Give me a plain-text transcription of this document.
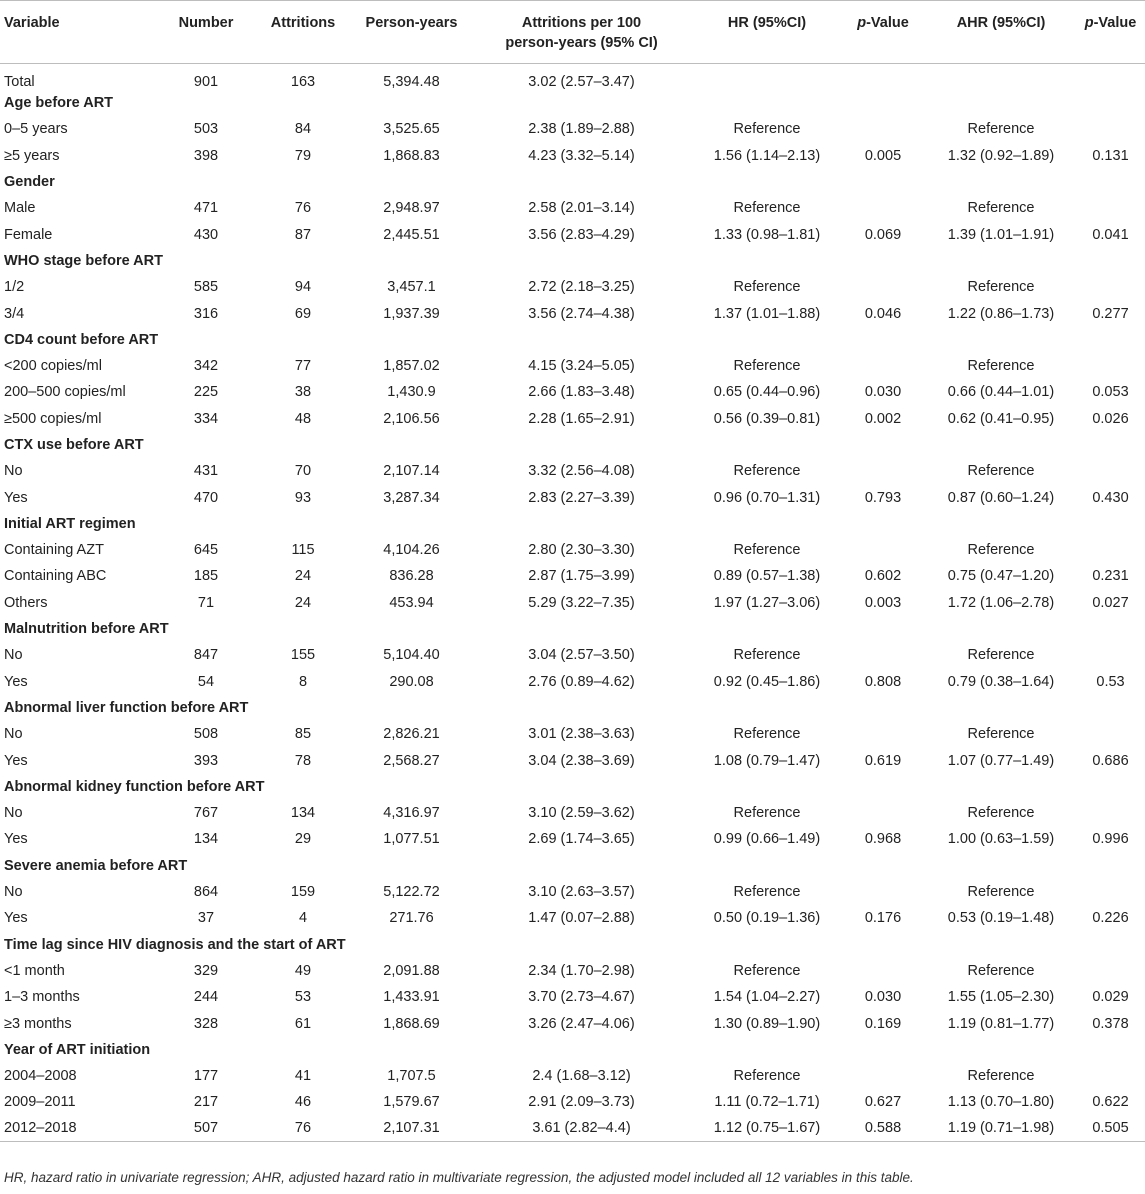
Variable	Number	Attritions	Person-years	Attritions per 100 person-years (95% CI)	HR (95%CI)	p-Value	AHR (95%CI)	p-Value
Total	901	163	5,394.48	3.02 (2.57–3.47)				
Age before ART								
0–5 years	503	84	3,525.65	2.38 (1.89–2.88)	Reference		Reference	
≥5 years	398	79	1,868.83	4.23 (3.32–5.14)	1.56 (1.14–2.13)	0.005	1.32 (0.92–1.89)	0.131
Gender								
Male	471	76	2,948.97	2.58 (2.01–3.14)	Reference		Reference	
Female	430	87	2,445.51	3.56 (2.83–4.29)	1.33 (0.98–1.81)	0.069	1.39 (1.01–1.91)	0.041
WHO stage before ART								
1/2	585	94	3,457.1	2.72 (2.18–3.25)	Reference		Reference	
3/4	316	69	1,937.39	3.56 (2.74–4.38)	1.37 (1.01–1.88)	0.046	1.22 (0.86–1.73)	0.277
CD4 count before ART								
<200 copies/ml	342	77	1,857.02	4.15 (3.24–5.05)	Reference		Reference	
200–500 copies/ml	225	38	1,430.9	2.66 (1.83–3.48)	0.65 (0.44–0.96)	0.030	0.66 (0.44–1.01)	0.053
≥500 copies/ml	334	48	2,106.56	2.28 (1.65–2.91)	0.56 (0.39–0.81)	0.002	0.62 (0.41–0.95)	0.026
CTX use before ART								
No	431	70	2,107.14	3.32 (2.56–4.08)	Reference		Reference	
Yes	470	93	3,287.34	2.83 (2.27–3.39)	0.96 (0.70–1.31)	0.793	0.87 (0.60–1.24)	0.430
Initial ART regimen								
Containing AZT	645	115	4,104.26	2.80 (2.30–3.30)	Reference		Reference	
Containing ABC	185	24	836.28	2.87 (1.75–3.99)	0.89 (0.57–1.38)	0.602	0.75 (0.47–1.20)	0.231
Others	71	24	453.94	5.29 (3.22–7.35)	1.97 (1.27–3.06)	0.003	1.72 (1.06–2.78)	0.027
Malnutrition before ART								
No	847	155	5,104.40	3.04 (2.57–3.50)	Reference		Reference	
Yes	54	8	290.08	2.76 (0.89–4.62)	0.92 (0.45–1.86)	0.808	0.79 (0.38–1.64)	0.53
Abnormal liver function before ART								
No	508	85	2,826.21	3.01 (2.38–3.63)	Reference		Reference	
Yes	393	78	2,568.27	3.04 (2.38–3.69)	1.08 (0.79–1.47)	0.619	1.07 (0.77–1.49)	0.686
Abnormal kidney function before ART								
No	767	134	4,316.97	3.10 (2.59–3.62)	Reference		Reference	
Yes	134	29	1,077.51	2.69 (1.74–3.65)	0.99 (0.66–1.49)	0.968	1.00 (0.63–1.59)	0.996
Severe anemia before ART								
No	864	159	5,122.72	3.10 (2.63–3.57)	Reference		Reference	
Yes	37	4	271.76	1.47 (0.07–2.88)	0.50 (0.19–1.36)	0.176	0.53 (0.19–1.48)	0.226
Time lag since HIV diagnosis and the start of ART								
<1 month	329	49	2,091.88	2.34 (1.70–2.98)	Reference		Reference	
1–3 months	244	53	1,433.91	3.70 (2.73–4.67)	1.54 (1.04–2.27)	0.030	1.55 (1.05–2.30)	0.029
≥3 months	328	61	1,868.69	3.26 (2.47–4.06)	1.30 (0.89–1.90)	0.169	1.19 (0.81–1.77)	0.378
Year of ART initiation								
2004–2008	177	41	1,707.5	2.4 (1.68–3.12)	Reference		Reference	
2009–2011	217	46	1,579.67	2.91 (2.09–3.73)	1.11 (0.72–1.71)	0.627	1.13 (0.70–1.80)	0.622
2012–2018	507	76	2,107.31	3.61 (2.82–4.4)	1.12 (0.75–1.67)	0.588	1.19 (0.71–1.98)	0.505
HR, hazard ratio in univariate regression; AHR, adjusted hazard ratio in multivariate regression, the adjusted model included all 12 variables in this table.
